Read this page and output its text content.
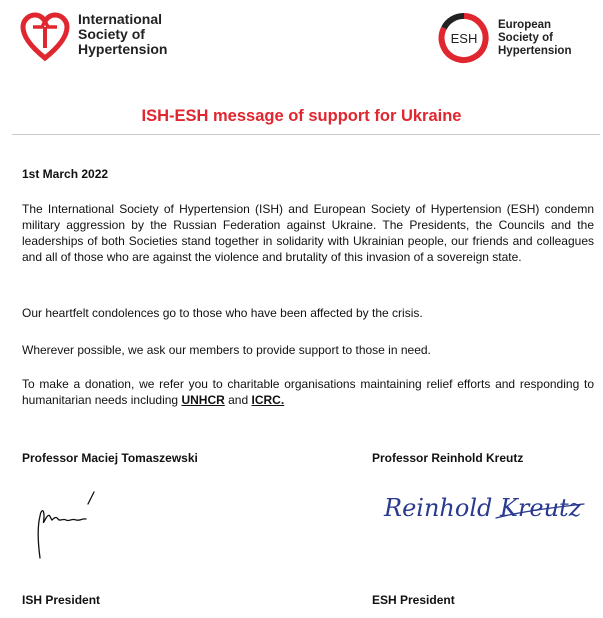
International
Society of
Hypertension
ESH
European
Society of
Hypertension
ISH-ESH message of support for Ukraine
1st March 2022
The International Society of Hypertension (ISH) and European Society of Hypertension (ESH) condemn military aggression by the Russian Federation against Ukraine. The Presidents, the Councils and the leaderships of both Societies stand together in solidarity with Ukrainian people, our friends and colleagues and all of those who are against the violence and brutality of this invasion of a sovereign state.
Our heartfelt condolences go to those who have been affected by the crisis.
Wherever possible, we ask our members to provide support to those in need.
To make a donation, we refer you to charitable organisations maintaining relief efforts and responding to humanitarian needs including UNHCR and ICRC.
Professor Maciej Tomaszewski	Professor Reinhold Kreutz
Reinhold Kreutz
ISH President	ESH President
